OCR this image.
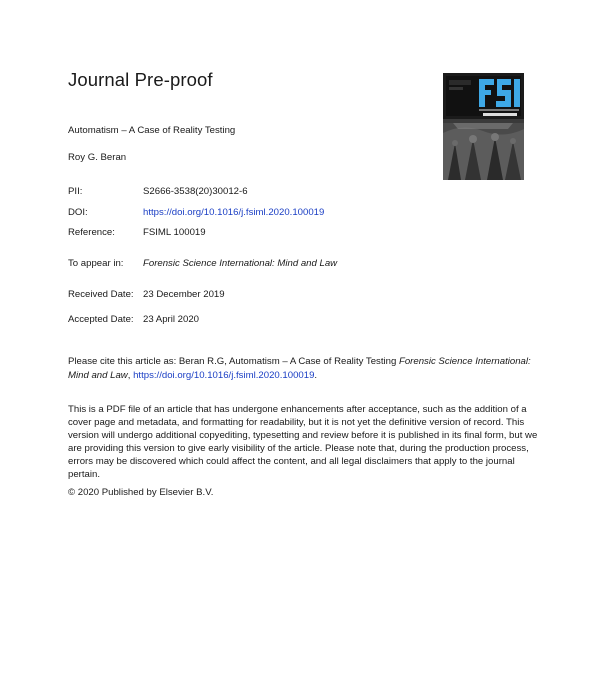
Journal Pre-proof
Automatism – A Case of Reality Testing
Roy G. Beran
PII:	S2666-3538(20)30012-6
DOI:	https://doi.org/10.1016/j.fsiml.2020.100019
Reference:	FSIML 100019
To appear in: Forensic Science International: Mind and Law
Received Date: 23 December 2019
Accepted Date: 23 April 2020
Please cite this article as: Beran R.G, Automatism – A Case of Reality Testing Forensic Science International: Mind and Law, https://doi.org/10.1016/j.fsiml.2020.100019.
This is a PDF file of an article that has undergone enhancements after acceptance, such as the addition of a cover page and metadata, and formatting for readability, but it is not yet the definitive version of record. This version will undergo additional copyediting, typesetting and review before it is published in its final form, but we are providing this version to give early visibility of the article. Please note that, during the production process, errors may be discovered which could affect the content, and all legal disclaimers that apply to the journal pertain.
© 2020 Published by Elsevier B.V.
